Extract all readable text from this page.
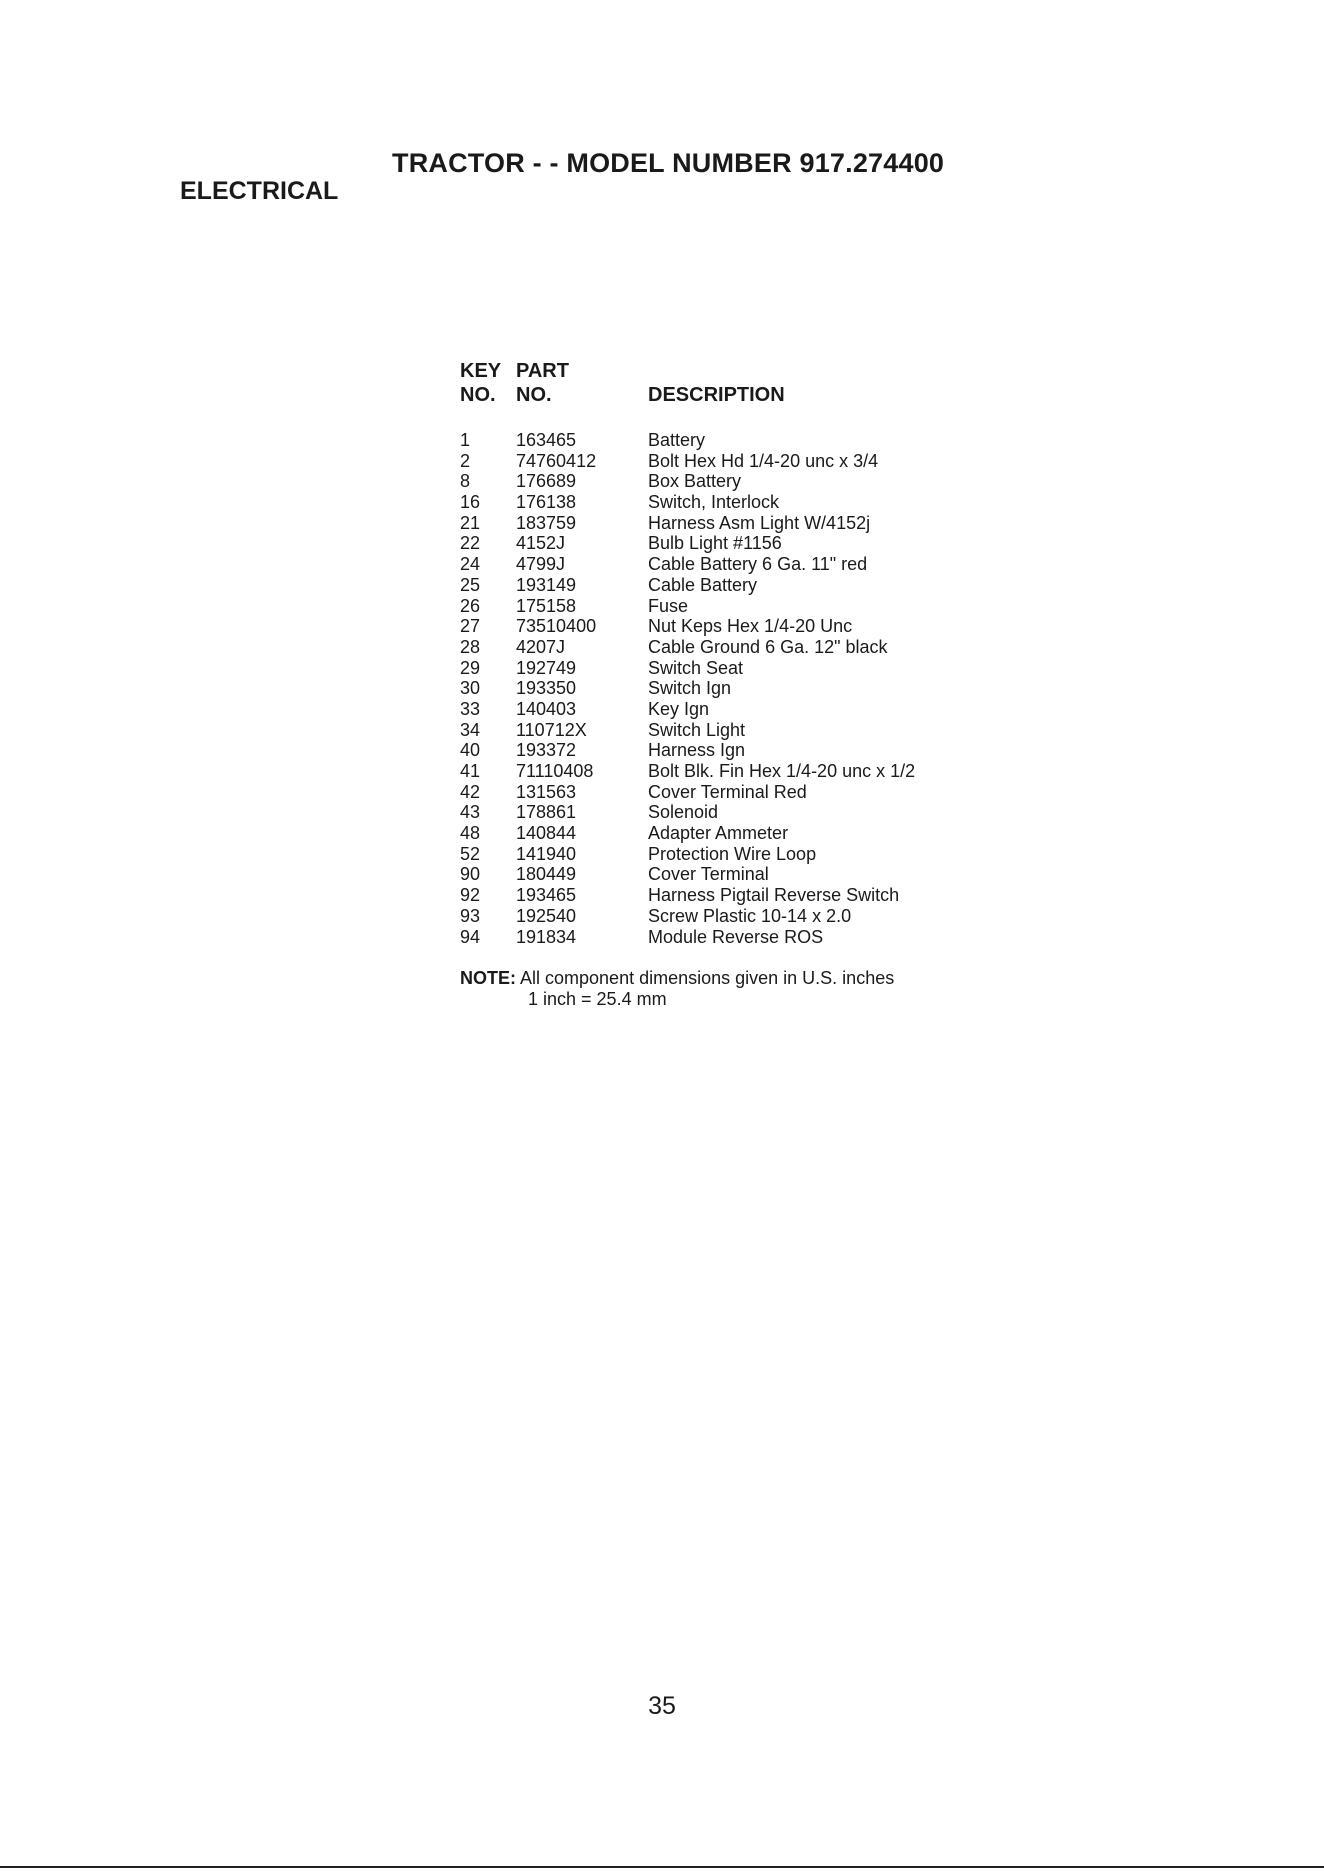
TRACTOR - - MODEL NUMBER 917.274400
ELECTRICAL
KEY PART
NO. NO.	DESCRIPTION
1	163465	Battery
2	74760412	Bolt Hex Hd 1/4-20 unc x 3/4
8	176689	Box Battery
16 176138	Switch, Interlock
21 183759	Harness Asm Light W/4152j
22 4152J	Bulb Light #1156
24 4799J	Cable Battery 6 Ga. 11" red
25 193149	Cable Battery
26 175158	Fuse
27 73510400	Nut Keps Hex 1/4-20 Unc
28 4207J	Cable Ground 6 Ga. 12" black
29 192749	Switch Seat
30 193350	Switch Ign
33 140403	Key Ign
34 110712X	Switch Light
40 193372	Harness Ign
41 71110408	Bolt Blk. Fin Hex 1/4-20 unc x 1/2
42 131563	Cover Terminal Red
43 178861	Solenoid
48 140844	Adapter Ammeter
52 141940	Protection Wire Loop
90 180449	Cover Terminal
92 193465	Harness Pigtail Reverse Switch
93 192540	Screw Plastic 10-14 x 2.0
94 191834	Module Reverse ROS
NOTE: All component dimensions given in U.S. inches
1 inch = 25.4 mm
35
